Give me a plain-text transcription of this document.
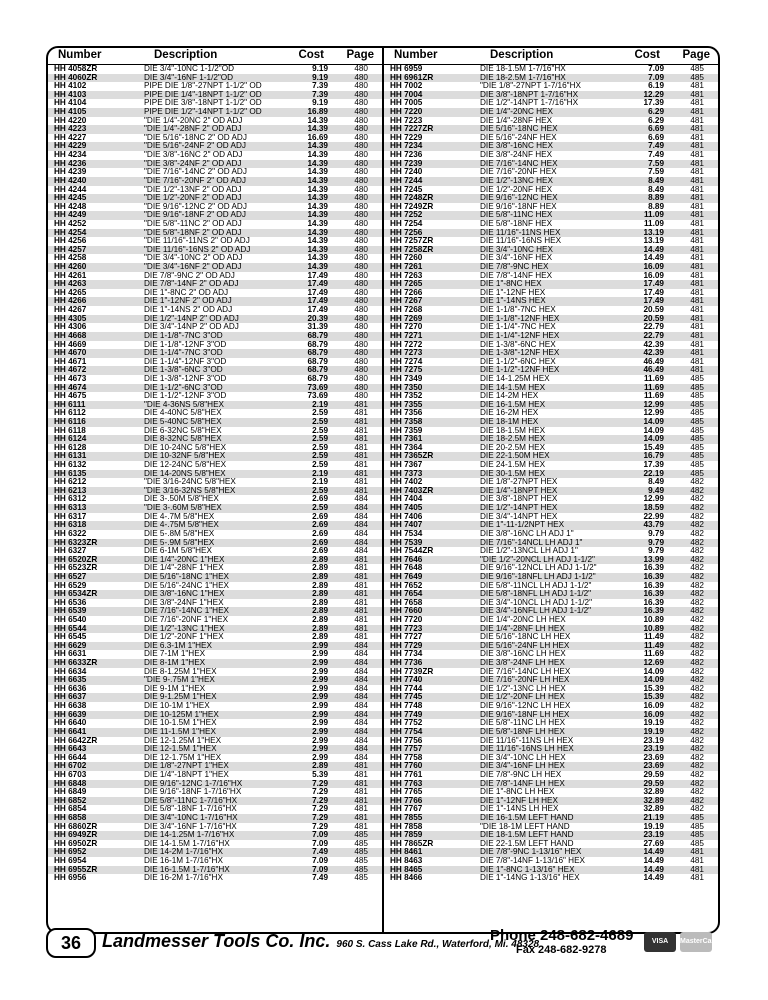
Number	Description	Cost Page
HH 4058ZR	DIE 3/4"-10NC 1-1/2"OD	9.19	480
HH 4060ZR	DIE 3/4"-16NF 1-1/2"OD	9.19	480
HH 4102	PIPE DIE 1/8"-27NPT 1-1/2" OD	7.39	480
HH 4103	PIPE DIE 1/4"-18NPT 1-1/2" OD	7.39	480
HH 4104	PIPE DIE 3/8"-18NPT 1-1/2" OD	9.19	480
HH 4105	PIPE DIE 1/2"-14NPT 1-1/2" OD	16.89	480
HH 4220	"DIE 1/4"-20NC 2" OD ADJ	14.39	480
HH 4223	"DIE 1/4"-28NF 2" OD ADJ	14.39	480
HH 4227	"DIE 5/16"-18NC 2" OD ADJ	16.69	480
HH 4229	"DIE 5/16"-24NF 2" OD ADJ	14.39	480
HH 4234	"DIE 3/8"-16NC 2" OD ADJ	14.39	480
HH 4236	"DIE 3/8"-24NF 2" OD ADJ	14.39	480
HH 4239	"DIE 7/16"-14NC 2" OD ADJ	14.39	480
HH 4240	"DIE 7/16"-20NF 2" OD ADJ	14.39	480
HH 4244	"DIE 1/2"-13NF 2" OD ADJ	14.39	480
HH 4245	"DIE 1/2"-20NF 2" OD ADJ	14.39	480
HH 4248	"DIE 9/16"-12NC 2" OD ADJ	14.39	480
HH 4249	"DIE 9/16"-18NF 2" OD ADJ	14.39	480
HH 4252	"DIE 5/8"-11NC 2" OD ADJ	14.39	480
HH 4254	"DIE 5/8"-18NF 2" OD ADJ	14.39	480
HH 4256	"DIE 11/16"-11NS 2" OD ADJ	14.39	480
HH 4257	"DIE 11/16"-16NS 2" OD ADJ	14.39	480
HH 4258	"DIE 3/4"-10NC 2" OD ADJ	14.39	480
HH 4260	"DIE 3/4"-16NF 2" OD ADJ	14.39	480
HH 4261	DIE 7/8"-9NC 2" OD ADJ	17.49	480
HH 4263	DIE 7/8"-14NF 2" OD ADJ	17.49	480
HH 4265	DIE 1"-8NC 2" OD ADJ	17.49	480
HH 4266	DIE 1"-12NF 2" OD ADJ	17.49	480
HH 4267	DIE 1"-14NS 2" OD ADJ	17.49	480
HH 4305	DIE 1/2"-14NP 2" OD ADJ	20.39	480
HH 4306	DIE 3/4"-14NP 2" OD ADJ	31.39	480
HH 4668	DIE 1-1/8"-7NC 3"OD	68.79	480
HH 4669	DIE 1-1/8"-12NF 3"OD	68.79	480
HH 4670	DIE 1-1/4"-7NC 3"OD	68.79	480
HH 4671	DIE 1-1/4"-12NF 3"OD	68.79	480
HH 4672	DIE 1-3/8"-6NC 3"OD	68.79	480
HH 4673	DIE 1-3/8"-12NF 3"OD	68.79	480
HH 4674	DIE 1-1/2"-6NC 3"OD	73.69	480
HH 4675	DIE 1-1/2"-12NF 3"OD	73.69	480
HH 6111	"DIE 4-36NS 5/8"HEX	2.19	481
HH 6112	DIE 4-40NC 5/8"HEX	2.59	481
HH 6116	DIE 5-40NC 5/8"HEX	2.59	481
HH 6118	DIE 6-32NC 5/8"HEX	2.59	481
HH 6124	DIE 8-32NC 5/8"HEX	2.59	481
HH 6128	DIE 10-24NC 5/8"HEX	2.59	481
HH 6131	DIE 10-32NF 5/8"HEX	2.59	481
HH 6132	DIE 12-24NC 5/8"HEX	2.59	481
HH 6135	DIE 14-20NS 5/8"HEX	2.19	481
HH 6212	"DIE 3/16-24NC 5/8"HEX	2.19	481
HH 6213	"DIE 3/16-32NS 5/8"HEX	2.59	481
HH 6312	DIE 3-.50M 5/8"HEX	2.69	484
HH 6313	"DIE 3-.60M 5/8"HEX	2.59	484
HH 6317	DIE 4-.7M 5/8"HEX	2.69	484
HH 6318	DIE 4-.75M 5/8"HEX	2.69	484
HH 6322	DIE 5-.8M 5/8"HEX	2.69	484
HH 6323ZR	DIE 5-.9M 5/8"HEX	2.69	484
HH 6327	DIE 6-1M 5/8"HEX	2.69	484
HH 6520ZR	DIE 1/4"-20NC 1"HEX	2.89	481
HH 6523ZR	DIE 1/4"-28NF 1"HEX	2.89	481
HH 6527	DIE 5/16"-18NC 1"HEX	2.89	481
HH 6529	DIE 5/16"-24NC 1"HEX	2.89	481
HH 6534ZR	DIE 3/8"-16NC 1"HEX	2.89	481
HH 6536	DIE 3/8"-24NF 1"HEX	2.89	481
HH 6539	DIE 7/16"-14NC 1"HEX	2.89	481
HH 6540	DIE 7/16"-20NF 1"HEX	2.89	481
HH 6544	DIE 1/2"-13NC 1"HEX	2.89	481
HH 6545	DIE 1/2"-20NF 1"HEX	2.89	481
HH 6629	DIE 6.3-1M 1"HEX	2.99	484
HH 6631	DIE 7-1M 1"HEX	2.99	484
HH 6633ZR	DIE 8-1M 1"HEX	2.99	484
HH 6634	DIE 8-1.25M 1"HEX	2.99	484
HH 6635	"DIE 9-.75M 1"HEX	2.99	484
HH 6636	DIE 9-1M 1"HEX	2.99	484
HH 6637	DIE 9-1.25M 1"HEX	2.99	484
HH 6638	DIE 10-1M 1"HEX	2.99	484
HH 6639	DIE 10-125M 1"HEX	2.99	484
HH 6640	DIE 10-1.5M 1"HEX	2.99	484
HH 6641	DIE 11-1.5M 1"HEX	2.99	484
HH 6642ZR	DIE 12-1.25M 1"HEX	2.99	484
HH 6643	DIE 12-1.5M 1"HEX	2.99	484
HH 6644	DIE 12-1.75M 1"HEX	2.99	484
HH 6702	DIE 1/8"-27NPT 1"HEX	2.89	481
HH 6703	DIE 1/4"-18NPT 1"HEX	5.39	481
HH 6848	DIE 9/16"-12NC 1-7/16"HX	7.29	481
HH 6849	DIE 9/16"-18NF 1-7/16"HX	7.29	481
HH 6852	DIE 5/8"-11NC 1-7/16"HX	7.29	481
HH 6854	DIE 5/8"-18NF 1-7/16"HX	7.29	481
HH 6858	DIE 3/4"-10NC 1-7/16"HX	7.29	481
HH 6860ZR	DIE 3/4"-16NF 1-7/16"HX	7.29	481
HH 6949ZR	DIE 14-1.25M 1-7/16"HX	7.09	485
HH 6950ZR	DIE 14-1.5M 1-7/16"HX	7.09	485
HH 6952	DIE 14-2M 1-7/16"HX	7.49	485
HH 6954	DIE 16-1M 1-7/16"HX	7.09	485
HH 6955ZR	DIE 16-1.5M 1-7/16"HX	7.09	485
HH 6956	DIE 16-2M 1-7/16"HX	7.49	485
Number	Description	Cost Page
HH 6959	DIE 18-1.5M 1-7/16"HX	7.09	485
HH 6961ZR	DIE 18-2.5M 1-7/16"HX	7.09	485
HH 7002	"DIE 1/8"-27NPT 1-7/16"HX	6.19	481
HH 7004	DIE 3/8"-18NPT 1-7/16"HX	12.29	481
HH 7005	DIE 1/2"-14NPT 1-7/16"HX	17.39	481
HH 7220	DIE 1/4"-20NC HEX	6.29	481
HH 7223	DIE 1/4"-28NF HEX	6.29	481
HH 7227ZR	DIE 5/16"-18NC HEX	6.69	481
HH 7229	DIE 5/16"-24NF HEX	6.69	481
HH 7234	DIE 3/8"-16NC HEX	7.49	481
HH 7236	DIE 3/8"-24NF HEX	7.49	481
HH 7239	DIE 7/16"-14NC HEX	7.59	481
HH 7240	DIE 7/16"-20NF HEX	7.59	481
HH 7244	DIE 1/2"-13NC HEX	8.49	481
HH 7245	DIE 1/2"-20NF HEX	8.49	481
HH 7248ZR	DIE 9/16"-12NC HEX	8.89	481
HH 7249ZR	DIE 9/16"-18NF HEX	8.89	481
HH 7252	DIE 5/8"-11NC HEX	11.09	481
HH 7254	DIE 5/8"-18NF HEX	11.09	481
HH 7256	DIE 11/16"-11NS HEX	13.19	481
HH 7257ZR	DIE 11/16"-16NS HEX	13.19	481
HH 7258ZR	DIE 3/4"-10NC HEX	14.49	481
HH 7260	DIE 3/4"-16NF HEX	14.49	481
HH 7261	DIE 7/8"-9NC HEX	16.09	481
HH 7263	DIE 7/8"-14NF HEX	16.09	481
HH 7265	DIE 1"-8NC HEX	17.49	481
HH 7266	DIE 1"-12NF HEX	17.49	481
HH 7267	DIE 1"-14NS HEX	17.49	481
HH 7268	DIE 1-1/8"-7NC HEX	20.59	481
HH 7269	DIE 1-1/8"-12NF HEX	20.59	481
HH 7270	DIE 1-1/4"-7NC HEX	22.79	481
HH 7271	DIE 1-1/4"-12NF HEX	22.79	481
HH 7272	DIE 1-3/8"-6NC HEX	42.39	481
HH 7273	DIE 1-3/8"-12NF HEX	42.39	481
HH 7274	DIE 1-1/2"-6NC HEX	46.49	481
HH 7275	DIE 1-1/2"-12NF HEX	46.49	481
HH 7349	DIE 14-1.25M HEX	11.69	485
HH 7350	DIE 14-1.5M HEX	11.69	485
HH 7352	DIE 14-2M HEX	11.69	485
HH 7355	DIE 16-1.5M HEX	12.99	485
HH 7356	DIE 16-2M HEX	12.99	485
HH 7358	DIE 18-1M HEX	14.09	485
HH 7359	DIE 18-1.5M HEX	14.09	485
HH 7361	DIE 18-2.5M HEX	14.09	485
HH 7364	DIE 20-2.5M HEX	15.49	485
HH 7365ZR	DIE 22-1.50M HEX	16.79	485
HH 7367	DIE 24-1.5M HEX	17.39	485
HH 7373	DIE 30-1.5M HEX	22.19	485
HH 7402	DIE 1/8"-27NPT HEX	8.49	482
HH 7403ZR	DIE 1/4"-18NPT HEX	9.49	482
HH 7404	DIE 3/8"-18NPT HEX	12.99	482
HH 7405	DIE 1/2"-14NPT HEX	18.59	482
HH 7406	DIE 3/4"-14NPT HEX	22.99	482
HH 7407	DIE 1"-11-1/2NPT HEX	43.79	482
HH 7534	DIE 3/8"-16NC LH ADJ 1"	9.79	482
HH 7539	DIE 7/16"-14NCL LH ADJ 1"	9.79	482
HH 7544ZR	DIE 1/2"-13NCL LH ADJ 1"	9.79	482
HH 7646	"DIE 1/2"-20NCL LH ADJ 1-1/2"	13.99	482
HH 7648	DIE 9/16"-12NCL LH ADJ 1-1/2"	16.39	482
HH 7649	DIE 9/16"-18NFL LH ADJ 1-1/2"	16.39	482
HH 7652	DIE 5/8"-11NCL LH ADJ 1-1/2"	16.39	482
HH 7654	DIE 5/8"-18NFL LH ADJ 1-1/2"	16.39	482
HH 7658	DIE 3/4"-10NCL LH ADJ 1-1/2"	16.39	482
HH 7660	DIE 3/4"-16NFL LH ADJ 1-1/2"	16.39	482
HH 7720	DIE 1/4"-20NC LH HEX	10.89	482
HH 7723	DIE 1/4"-28NF LH HEX	10.89	482
HH 7727	DIE 5/16"-18NC LH HEX	11.49	482
HH 7729	DIE 5/16"-24NF LH HEX	11.49	482
HH 7734	DIE 3/8"-16NC LH HEX	11.69	482
HH 7736	DIE 3/8"-24NF LH HEX	12.69	482
HH 7739ZR	DIE 7/16"-14NC LH HEX	14.09	482
HH 7740	DIE 7/16"-20NF LH HEX	14.09	482
HH 7744	DIE 1/2"-13NC LH HEX	15.39	482
HH 7745	DIE 1/2"-20NF LH HEX	15.39	482
HH 7748	DIE 9/16"-12NC LH HEX	16.09	482
HH 7749	DIE 9/16"-18NF LH HEX	16.09	482
HH 7752	DIE 5/8"-11NC LH HEX	19.19	482
HH 7754	DIE 5/8"-18NF LH HEX	19.19	482
HH 7756	DIE 11/16"-11NS LH HEX	23.19	482
HH 7757	DIE 11/16"-16NS LH HEX	23.19	482
HH 7758	DIE 3/4"-10NC LH HEX	23.69	482
HH 7760	DIE 3/4"-16NF LH HEX	23.69	482
HH 7761	DIE 7/8"-9NC LH HEX	29.59	482
HH 7763	DIE 7/8"-14NF LH HEX	29.59	482
HH 7765	DIE 1"-8NC LH HEX	32.89	482
HH 7766	DIE 1"-12NF LH HEX	32.89	482
HH 7767	DIE 1"-14NS LH HEX	32.89	482
HH 7855	DIE 16-1.5M LEFT HAND	21.19	485
HH 7858	"DIE 18-1M LEFT HAND	19.19	485
HH 7859	DIE 18-1.5M LEFT HAND	23.19	485
HH 7865ZR	DIE 22-1.5M LEFT HAND	27.69	485
HH 8461	DIE 7/8"-9NC 1-13/16" HEX	14.49	481
HH 8463	DIE 7/8"-14NF 1-13/16" HEX	14.49	481
HH 8465	DIE 1"-8NC 1-13/16" HEX	14.49	481
HH 8466	DIE 1"-14NG 1-13/16" HEX	14.49	481
36	Landmesser Tools Co. Inc. 960 S. Cass Lake Rd., Waterford, Mi. 48328
Phone 248-682-4689
Fax 248-682-9278
VISA	MasterCard
